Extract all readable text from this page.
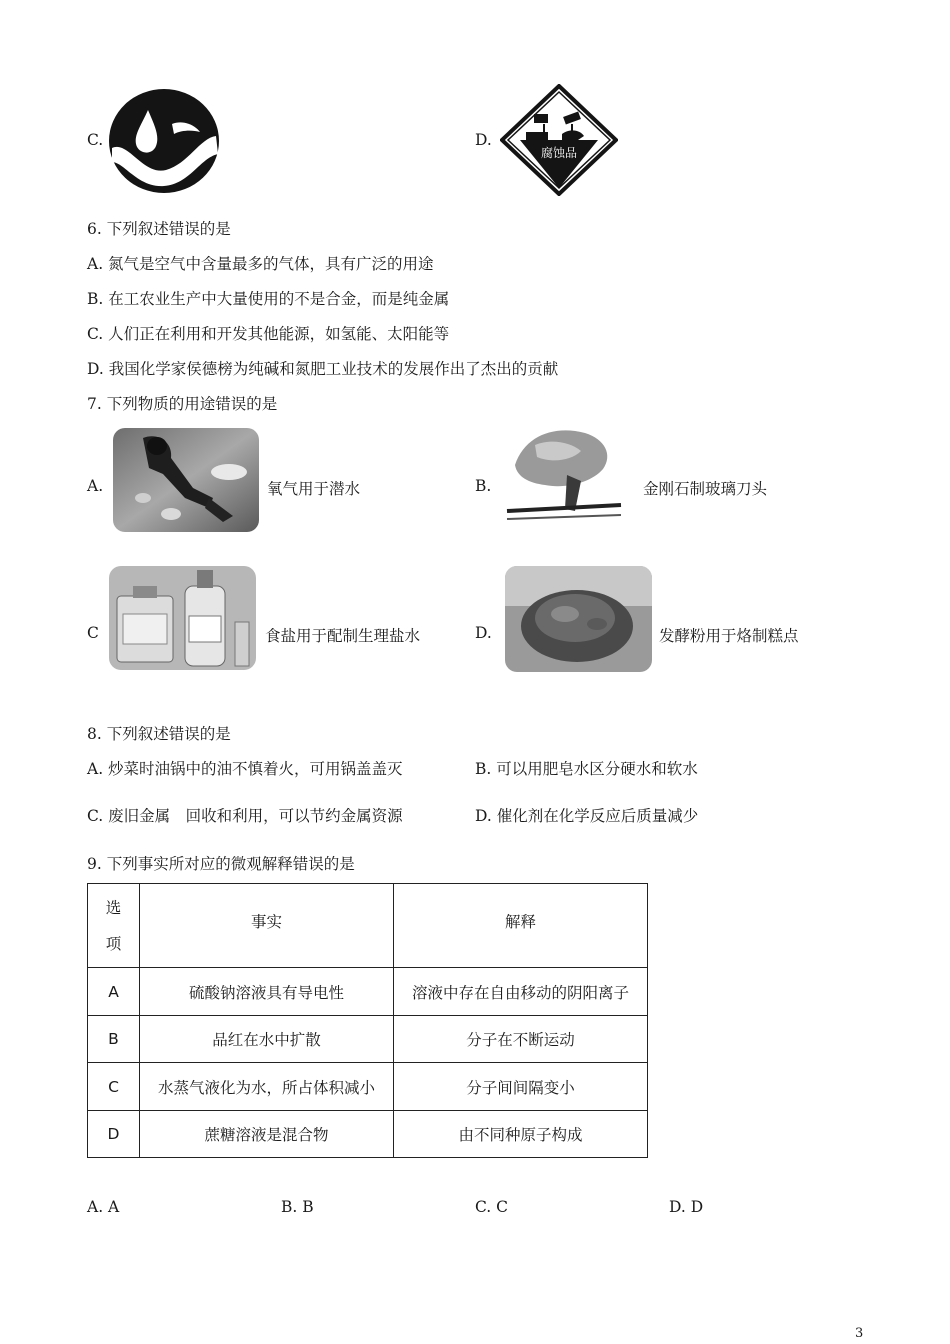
C.	D.
腐蚀品
6. 下列叙述错误的是
A. 氮气是空气中含量最多的气体，具有广泛的用途
B. 在工农业生产中大量使用的不是合金，而是纯金属
C. 人们正在利用和开发其他能源，如氢能、太阳能等
D. 我国化学家侯德榜为纯碱和氮肥工业技术的发展作出了杰出的贡献
7. 下列物质的用途错误的是
A.	氧气用于潜水	B.	金刚石制玻璃刀头
C	食盐用于配制生理盐水	D.	发酵粉用于烙制糕点
8. 下列叙述错误的是
A. 炒菜时油锅中的油不慎着火，可用锅盖盖灭	B. 可以用肥皂水区分硬水和软水
C. 废旧金属　回收和利用，可以节约金属资源	D. 催化剂在化学反应后质量减少
9. 下列事实所对应的微观解释错误的是
选
项	事实	解释
A	硫酸钠溶液具有导电性	溶液中存在自由移动的阴阳离子
B	品红在水中扩散	分子在不断运动
C	水蒸气液化为水，所占体积减小	分子间间隔变小
D	蔗糖溶液是混合物	由不同种原子构成
A. A	B. B	C. C	D. D
3
